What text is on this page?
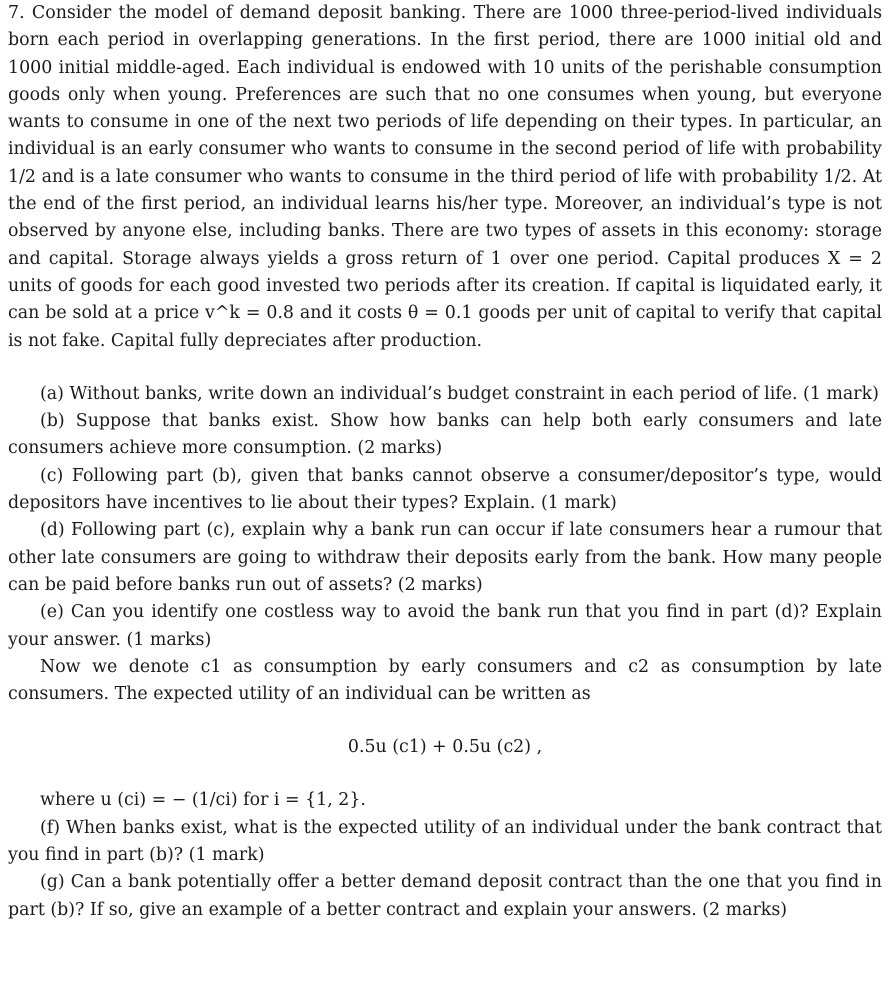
7. Consider the model of demand deposit banking. There are 1000 three-period-lived individuals born each period in overlapping generations. In the first period, there are 1000 initial old and 1000 initial middle-aged. Each individual is endowed with 10 units of the perishable consumption goods only when young. Preferences are such that no one consumes when young, but everyone wants to consume in one of the next two periods of life depending on their types. In particular, an individual is an early consumer who wants to consume in the second period of life with probability 1/2 and is a late consumer who wants to consume in the third period of life with probability 1/2. At the end of the first period, an individual learns his/her type. Moreover, an individual’s type is not observed by anyone else, including banks. There are two types of assets in this economy: storage and capital. Storage always yields a gross return of 1 over one period. Capital produces X = 2 units of goods for each good invested two periods after its creation. If capital is liquidated early, it can be sold at a price v^k = 0.8 and it costs θ = 0.1 goods per unit of capital to verify that capital is not fake. Capital fully depreciates after production.

(a) Without banks, write down an individual’s budget constraint in each period of life. (1 mark)

(b) Suppose that banks exist. Show how banks can help both early consumers and late consumers achieve more consumption. (2 marks)

(c) Following part (b), given that banks cannot observe a consumer/depositor’s type, would depositors have incentives to lie about their types? Explain. (1 mark)

(d) Following part (c), explain why a bank run can occur if late consumers hear a rumour that other late consumers are going to withdraw their deposits early from the bank. How many people can be paid before banks run out of assets? (2 marks)

(e) Can you identify one costless way to avoid the bank run that you find in part (d)? Explain your answer. (1 marks)

Now we denote c1 as consumption by early consumers and c2 as consumption by late consumers. The expected utility of an individual can be written as

0.5u (c1) + 0.5u (c2) ,

where u (ci) = − (1/ci) for i = {1, 2}.

(f) When banks exist, what is the expected utility of an individual under the bank contract that you find in part (b)? (1 mark)

(g) Can a bank potentially offer a better demand deposit contract than the one that you find in part (b)? If so, give an example of a better contract and explain your answers. (2 marks)
